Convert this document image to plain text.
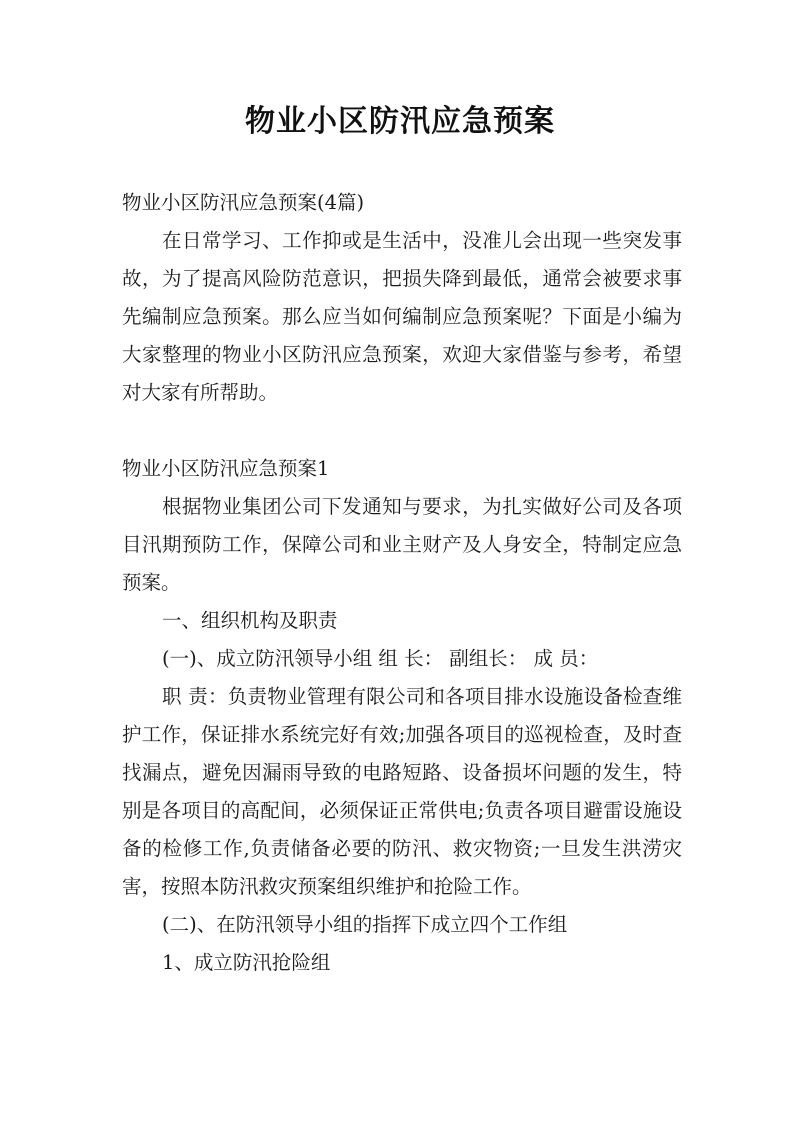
物业小区防汛应急预案

物业小区防汛应急预案(4篇)

在日常学习、工作抑或是生活中，没准儿会出现一些突发事故，为了提高风险防范意识，把损失降到最低，通常会被要求事先编制应急预案。那么应当如何编制应急预案呢？下面是小编为大家整理的物业小区防汛应急预案，欢迎大家借鉴与参考，希望对大家有所帮助。

物业小区防汛应急预案1

根据物业集团公司下发通知与要求，为扎实做好公司及各项目汛期预防工作，保障公司和业主财产及人身安全，特制定应急预案。

一、组织机构及职责

(一)、成立防汛领导小组 组 长： 副组长： 成 员：

职 责：负责物业管理有限公司和各项目排水设施设备检查维护工作，保证排水系统完好有效;加强各项目的巡视检查，及时查找漏点，避免因漏雨导致的电路短路、设备损坏问题的发生，特别是各项目的高配间，必须保证正常供电;负责各项目避雷设施设备的检修工作,负责储备必要的防汛、救灾物资;一旦发生洪涝灾害，按照本防汛救灾预案组织维护和抢险工作。

(二)、在防汛领导小组的指挥下成立四个工作组

1、成立防汛抢险组
